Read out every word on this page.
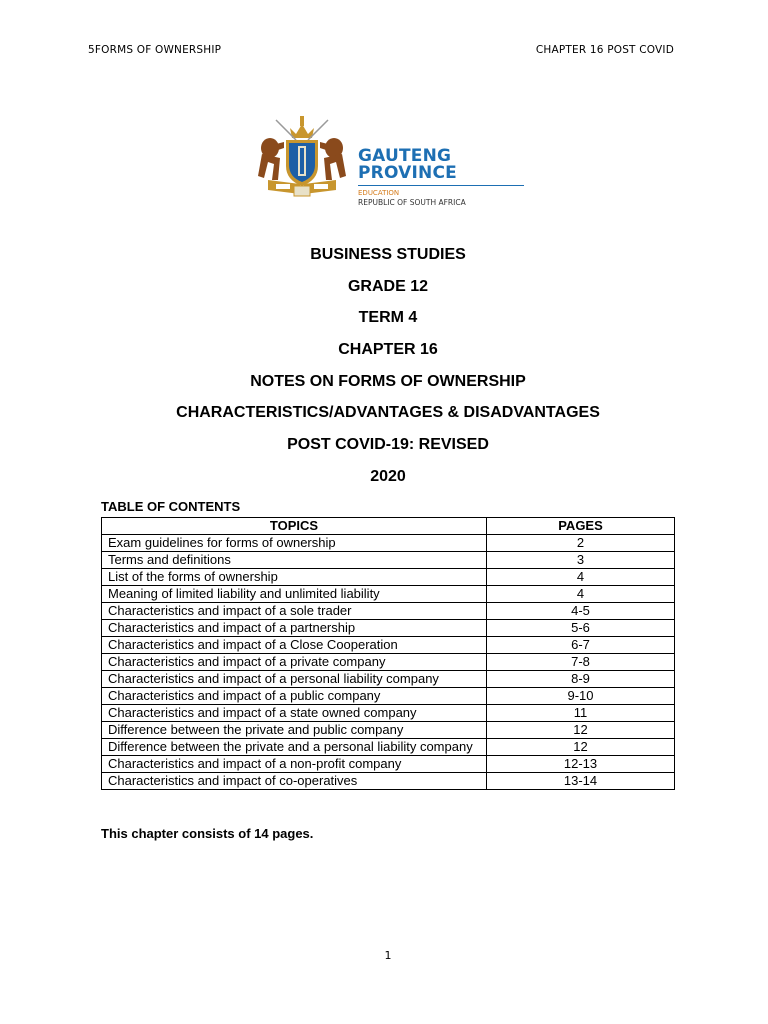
5FORMS OF OWNERSHIP	CHAPTER 16 POST COVID
GAUTENG PROVINCE
EDUCATION
REPUBLIC OF SOUTH AFRICA
BUSINESS STUDIES
GRADE 12
TERM 4
CHAPTER 16
NOTES ON FORMS OF OWNERSHIP
CHARACTERISTICS/ADVANTAGES & DISADVANTAGES
POST COVID-19: REVISED
2020
TABLE OF CONTENTS
TOPICS	PAGES
Exam guidelines for forms of ownership	2
Terms and definitions	3
List of the forms of ownership	4
Meaning of limited liability and unlimited liability	4
Characteristics and impact of a sole trader	4-5
Characteristics and impact of a partnership	5-6
Characteristics and impact of a Close Cooperation	6-7
Characteristics and impact of a private company	7-8
Characteristics and impact of a personal liability company	8-9
Characteristics and impact of a public company	9-10
Characteristics and impact of a state owned company	11
Difference between the private and public company	12
Difference between the private and a personal liability company	12
Characteristics and impact of a non-profit company	12-13
Characteristics and impact of co-operatives	13-14
This chapter consists of 14 pages.
1
